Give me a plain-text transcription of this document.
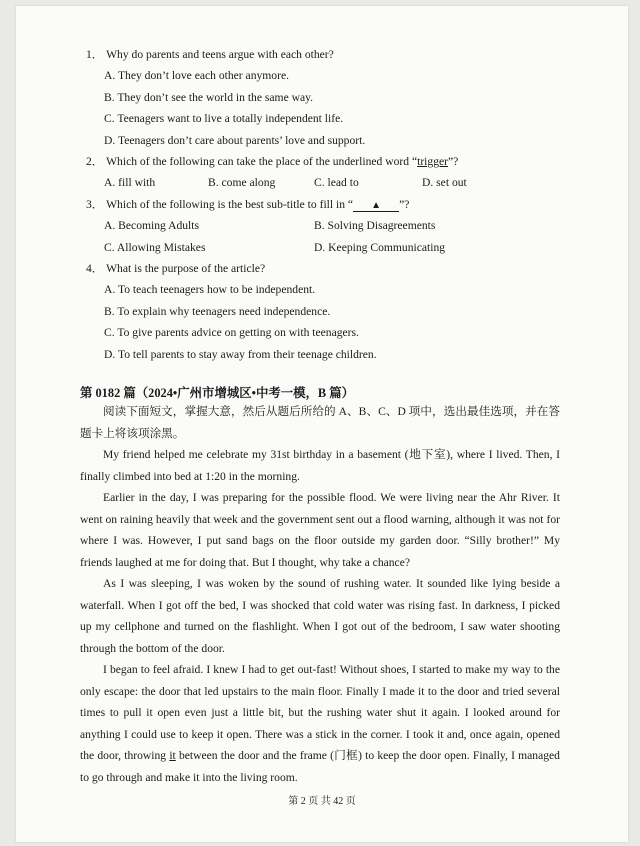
1． Why do parents and teens argue with each other?
A. They don’t love each other anymore.
B. They don’t see the world in the same way.
C. Teenagers want to live a totally independent life.
D. Teenagers don’t care about parents’ love and support.
2． Which of the following can take the place of the underlined word “trigger”?
A. fill with	B. come along	C. lead to	D. set out
3． Which of the following is the best sub-title to fill in “ ▲ ”?
A. Becoming Adults	B. Solving Disagreements
C. Allowing Mistakes	D. Keeping Communicating
4． What is the purpose of the article?
A. To teach teenagers how to be independent.
B. To explain why teenagers need independence.
C. To give parents advice on getting on with teenagers.
D. To tell parents to stay away from their teenage children.
第 0182 篇（2024•广州市增城区•中考一模，B 篇）
阅读下面短文，掌握大意，然后从题后所给的 A、B、C、D 项中，选出最佳选项，并在答题卡上将该项涂黑。
My friend helped me celebrate my 31st birthday in a basement (地下室), where I lived. Then, I finally climbed into bed at 1:20 in the morning.
Earlier in the day, I was preparing for the possible flood. We were living near the Ahr River. It went on raining heavily that week and the government sent out a flood warning, although it was not for where I was. However, I put sand bags on the floor outside my garden door. “Silly brother!” My friends laughed at me for doing that. But I thought, why take a chance?
As I was sleeping, I was woken by the sound of rushing water. It sounded like lying beside a waterfall. When I got off the bed, I was shocked that cold water was rising fast. In darkness, I picked up my cellphone and turned on the flashlight. When I got out of the bedroom, I saw water shooting through the bottom of the door.
I began to feel afraid. I knew I had to get out-fast! Without shoes, I started to make my way to the only escape: the door that led upstairs to the main floor. Finally I made it to the door and tried several times to pull it open even just a little bit, but the rushing water shut it again. I looked around for anything I could use to keep it open. There was a stick in the corner. I took it and, once again, opened the door, throwing it between the door and the frame (门框) to keep the door open. Finally, I managed to go through and make it into the living room.
第 2 页 共 42 页
